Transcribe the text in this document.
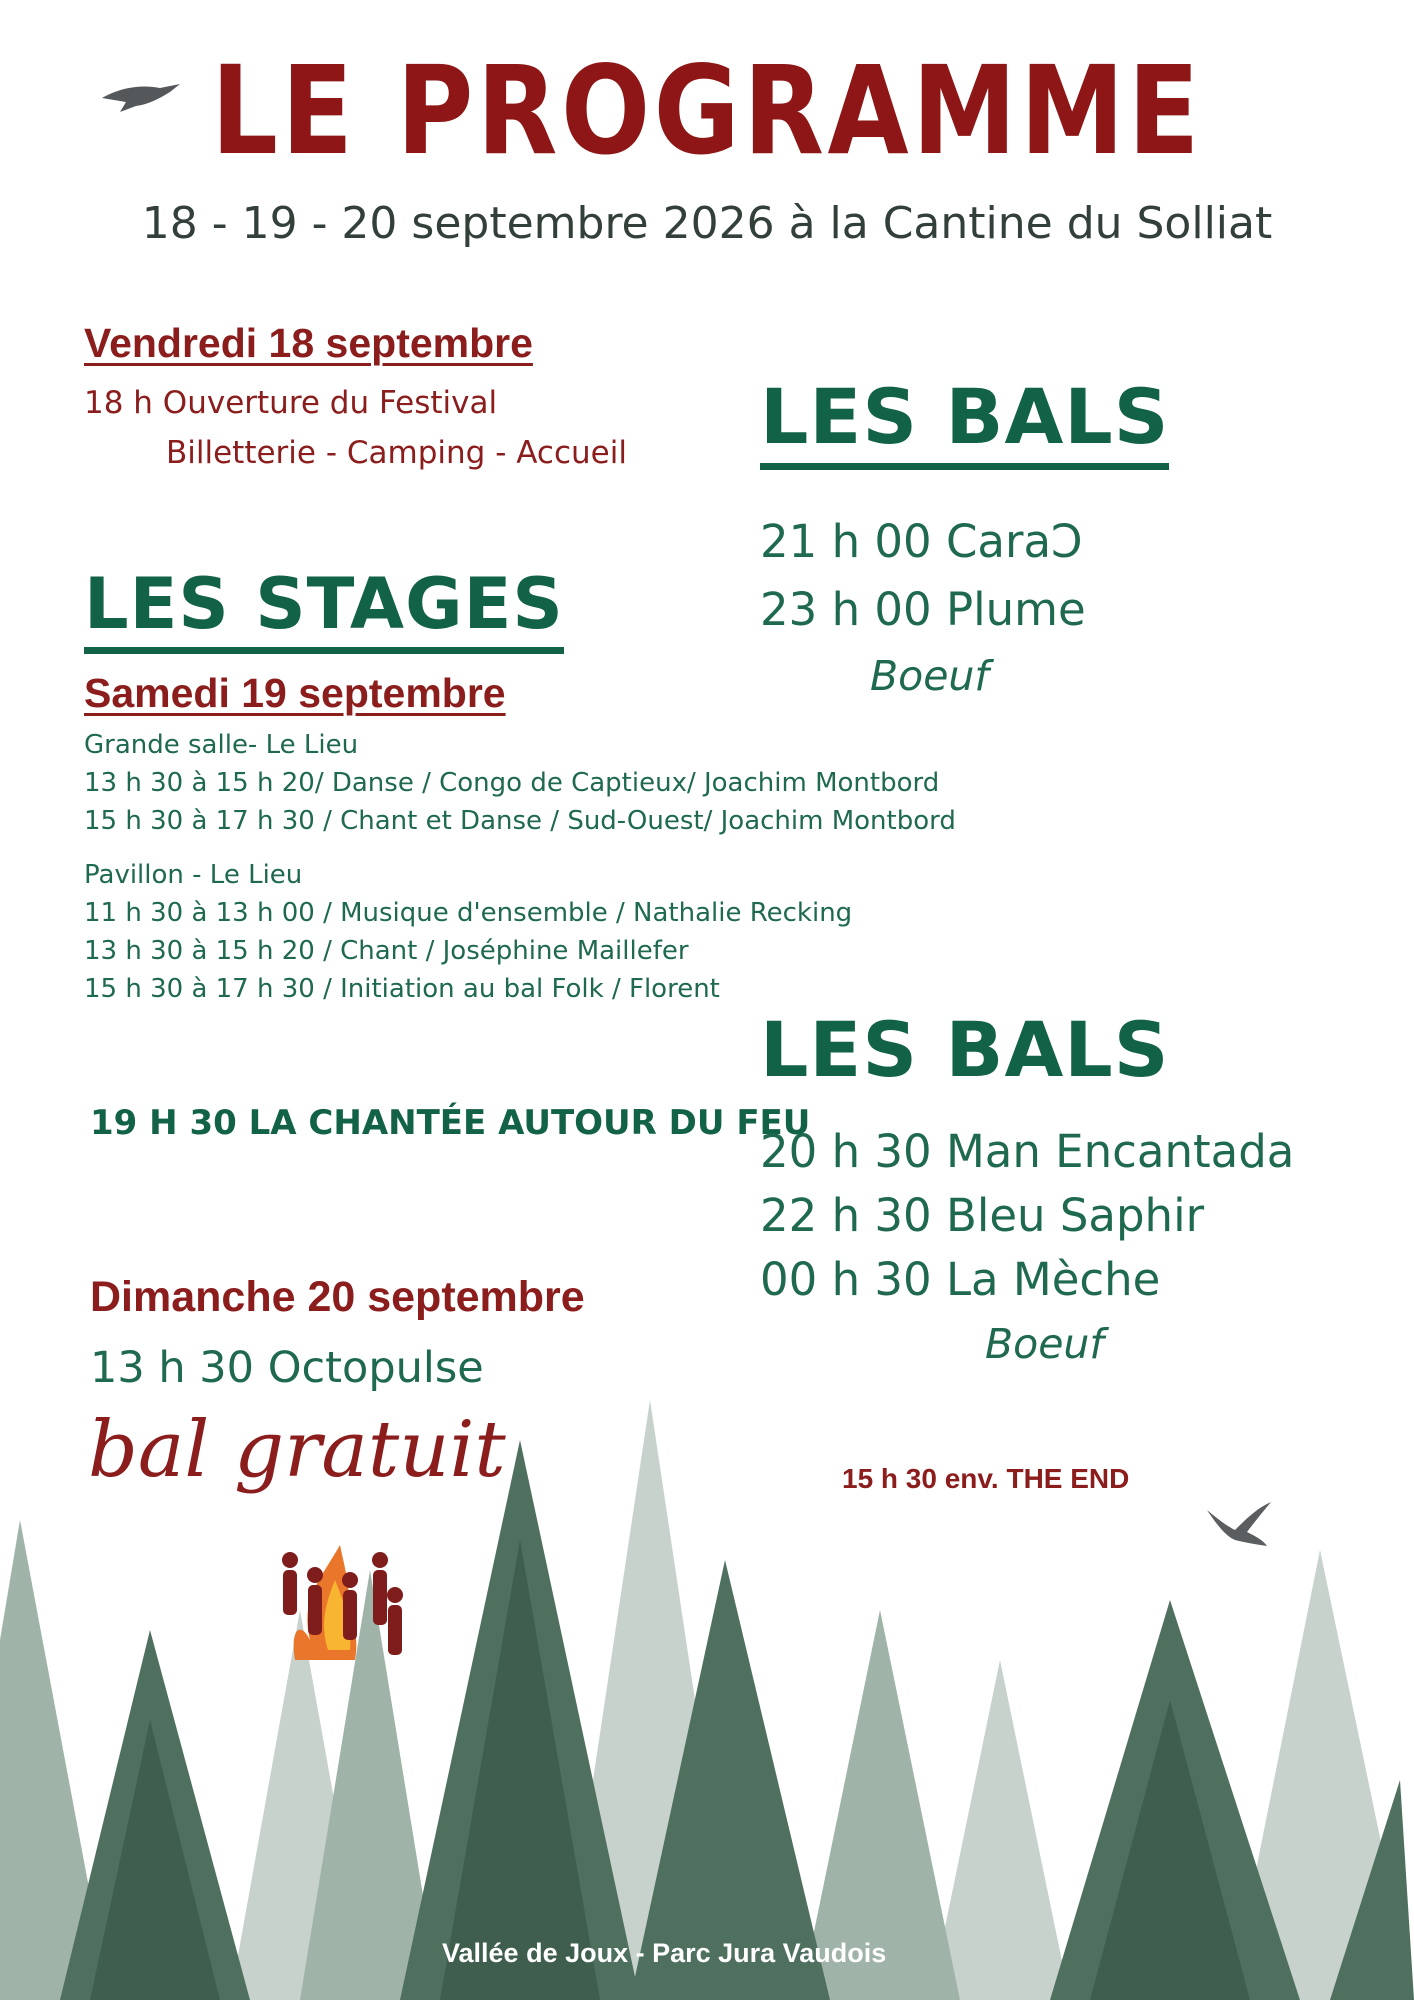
LE PROGRAMME
18 - 19 - 20 septembre 2026 à la Cantine du Solliat
Vendredi 18 septembre
18 h Ouverture du Festival
Billetterie - Camping - Accueil LES BALS
21 h 00 CaraƆ
23 h 00 Plume
Boeuf
LES STAGES
Samedi 19 septembre
Grande salle- Le Lieu
13 h 30 à 15 h 20/ Danse / Congo de Captieux/ Joachim Montbord
15 h 30 à 17 h 30 / Chant et Danse / Sud-Ouest/ Joachim Montbord
Pavillon - Le Lieu
11 h 30 à 13 h 00 / Musique d'ensemble / Nathalie Recking
13 h 30 à 15 h 20 / Chant / Joséphine Maillefer
15 h 30 à 17 h 30 / Initiation au bal Folk / Florent
LES BALS
19 H 30 LA CHANTÉE AUTOUR DU FEU
20 h 30 Man Encantada
22 h 30 Bleu Saphir
00 h 30 La Mèche
Boeuf
Dimanche 20 septembre
13 h 30 Octopulse
bal gratuit	15 h 30 env. THE END
Vallée de Joux - Parc Jura Vaudois
